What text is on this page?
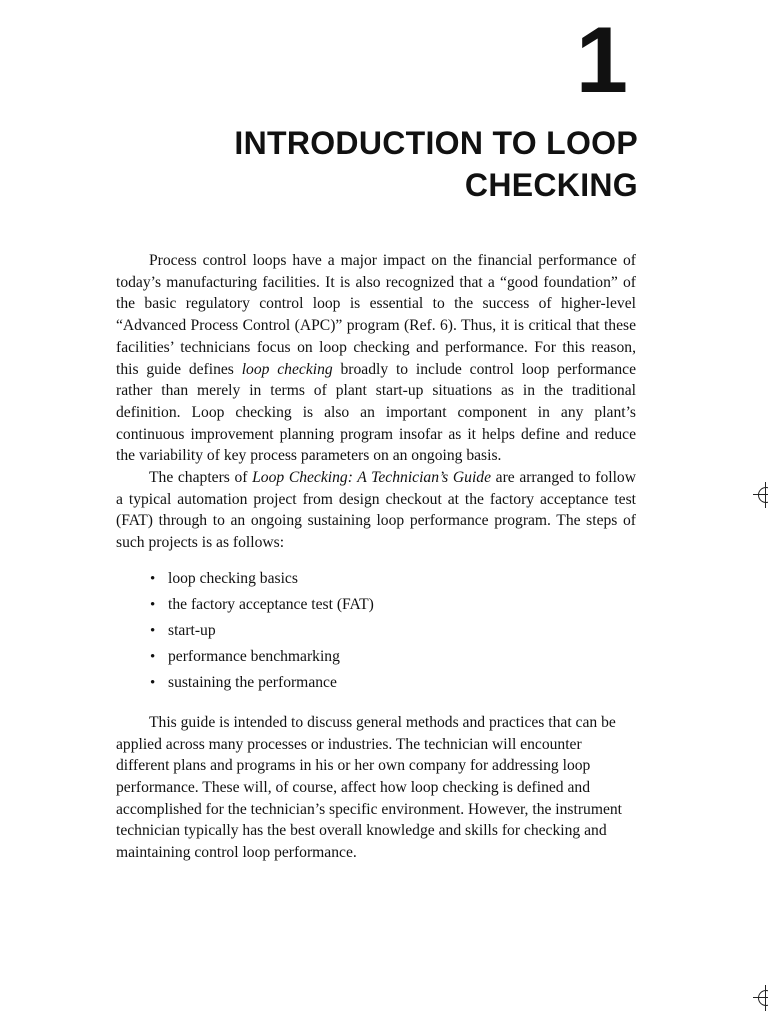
1
INTRODUCTION TO LOOP
CHECKING

Process control loops have a major impact on the financial performance of today’s manufacturing facilities. It is also recognized that a “good foundation” of the basic regulatory control loop is essential to the success of higher-level “Advanced Process Control (APC)” program (Ref. 6). Thus, it is critical that these facilities’ technicians focus on loop checking and performance. For this reason, this guide defines loop checking broadly to include control loop performance rather than merely in terms of plant start-up situations as in the traditional definition. Loop checking is also an important component in any plant’s continuous improvement planning program insofar as it helps define and reduce the variability of key process parameters on an ongoing basis.

The chapters of Loop Checking: A Technician’s Guide are arranged to follow a typical automation project from design checkout at the factory acceptance test (FAT) through to an ongoing sustaining loop performance program. The steps of such projects is as follows:

• loop checking basics
• the factory acceptance test (FAT)
• start-up
• performance benchmarking
• sustaining the performance

This guide is intended to discuss general methods and practices that can be applied across many processes or industries. The technician will encounter different plans and programs in his or her own company for addressing loop performance. These will, of course, affect how loop checking is defined and accomplished for the technician’s specific environment. However, the instrument technician typically has the best overall knowledge and skills for checking and maintaining control loop performance.
